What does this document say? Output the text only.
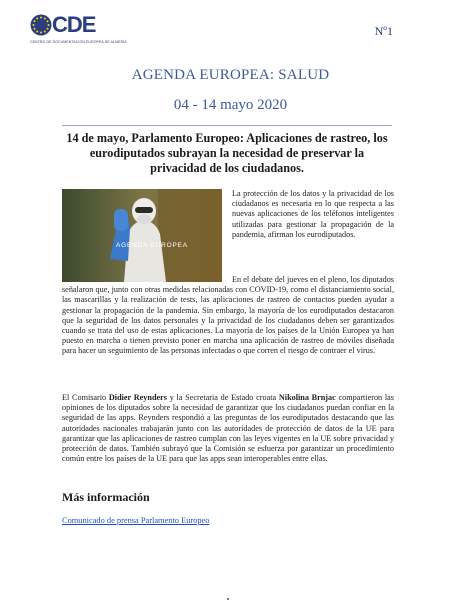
CDE
CENTRO DE DOCUMENTACIÓN EUROPEA DE ALMERÍA
Nº1
AGENDA EUROPEA: SALUD
04 - 14 mayo 2020
14 de mayo, Parlamento Europeo: Aplicaciones de rastreo, los eurodiputados subrayan la necesidad de preservar la privacidad de los ciudadanos.
AGENDA EUROPEA

La protección de los datos y la privacidad de los ciudadanos es necesaria en lo que respecta a las nuevas aplicaciones de los teléfonos inteligentes utilizadas para gestionar la propagación de la pandemia, afirman los eurodiputados.

En el debate del jueves en el pleno, los diputados señalaron que, junto con otras medidas relacionadas con COVID-19, como el distanciamiento social, las mascarillas y la realización de tests, las aplicaciones de rastreo de contactos pueden ayudar a gestionar la propagación de la pandemia. Sin embargo, la mayoría de los eurodiputados destacaron que la seguridad de los datos personales y la privacidad de los ciudadanos deben ser garantizados cuando se trata del uso de estas aplicaciones. La mayoría de los países de la Unión Europea ya han puesto en marcha o tienen previsto poner en marcha una aplicación de rastreo de móviles diseñada para hacer un seguimiento de las personas infectadas o que corren el riesgo de contraer el virus.

El Comisario Didier Reynders y la Secretaria de Estado croata Nikolina Brnjac compartieron las opiniones de los diputados sobre la necesidad de garantizar que los ciudadanos puedan confiar en la seguridad de las apps. Reynders respondió a las preguntas de los eurodiputados destacando que las autoridades nacionales trabajarán junto con las autoridades de protección de datos de la UE para garantizar que las aplicaciones de rastreo cumplan con las leyes vigentes en la UE sobre privacidad y protección de datos. También subrayó que la Comisión se esfuerza por garantizar un procedimiento común entre los países de la UE para que las apps sean interoperables entre ellas.

Más información
Comunicado de prensa Parlamento Europeo
